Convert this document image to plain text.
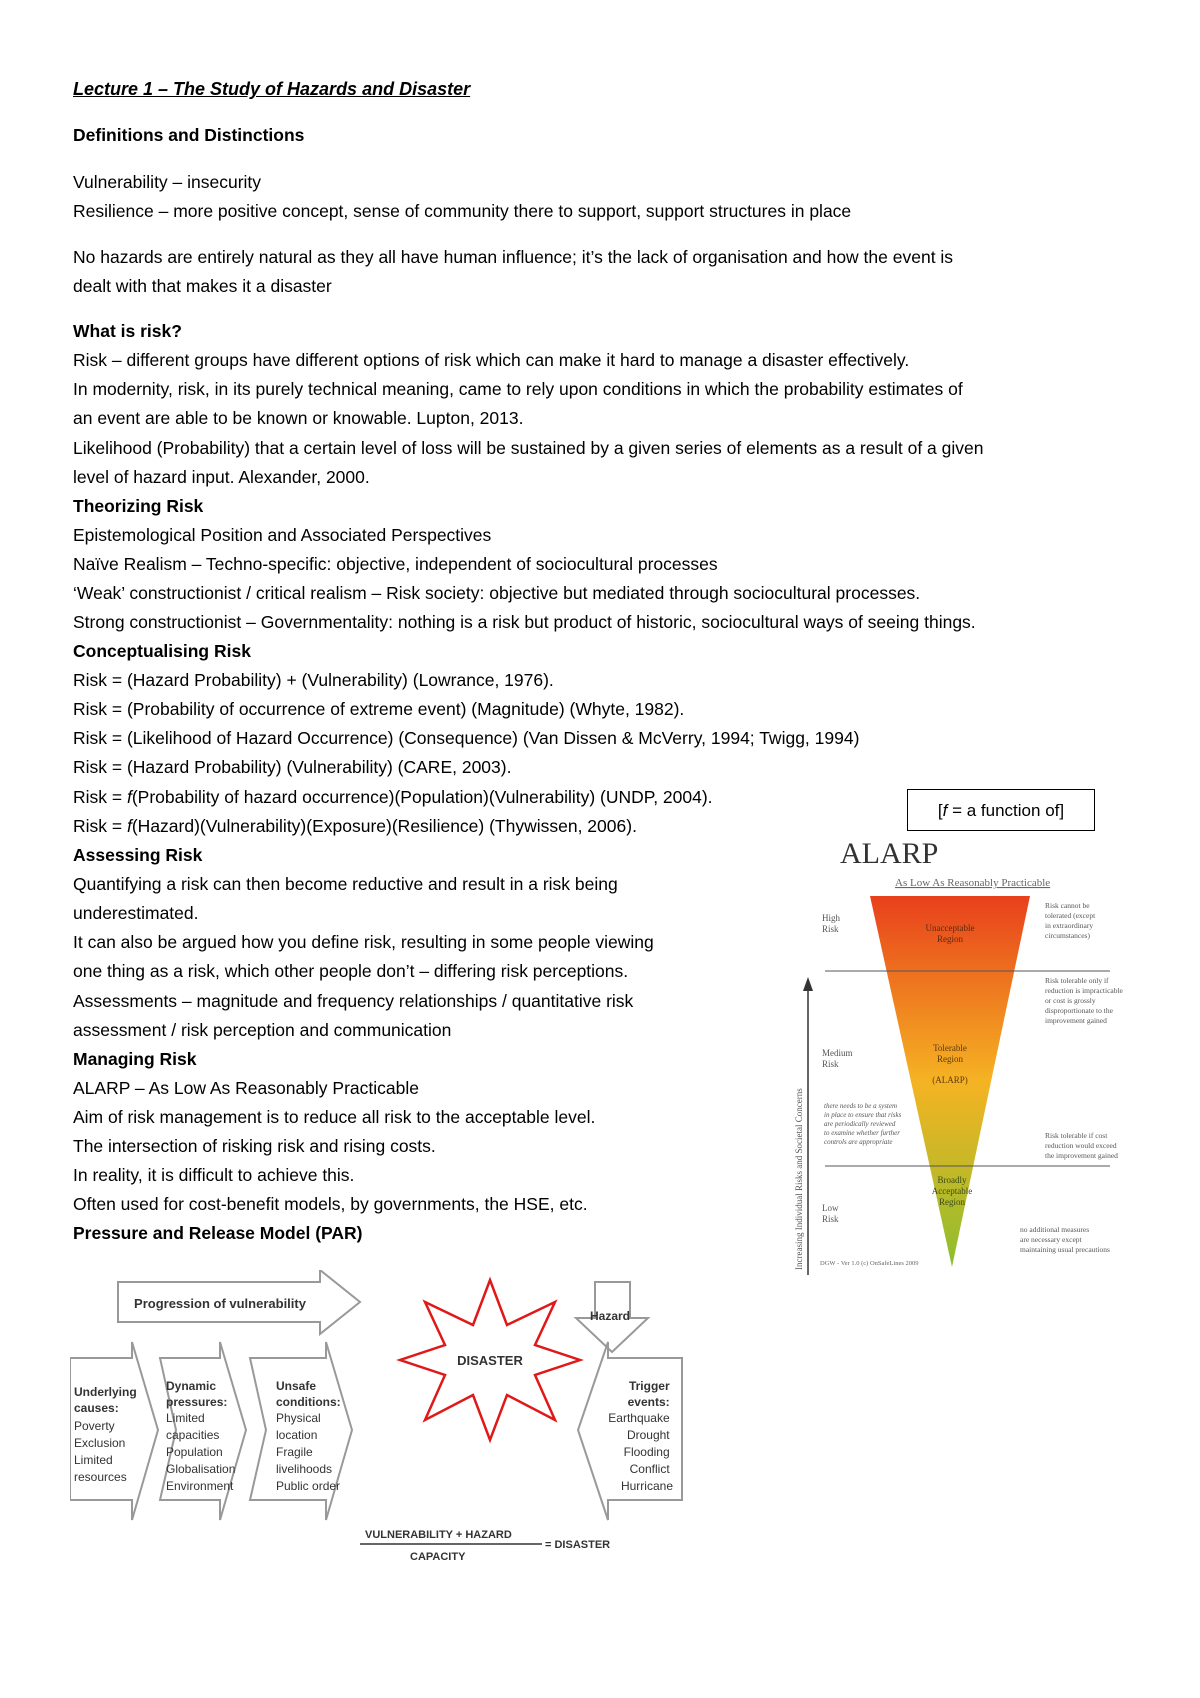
Lecture 1 – The Study of Hazards and Disaster
Definitions and Distinctions
Vulnerability – insecurity
Resilience – more positive concept, sense of community there to support, support structures in place
No hazards are entirely natural as they all have human influence; it’s the lack of organisation and how the event is
dealt with that makes it a disaster
What is risk?
Risk – different groups have different options of risk which can make it hard to manage a disaster effectively.
In modernity, risk, in its purely technical meaning, came to rely upon conditions in which the probability estimates of
an event are able to be known or knowable. Lupton, 2013.
Likelihood (Probability) that a certain level of loss will be sustained by a given series of elements as a result of a given
level of hazard input. Alexander, 2000.
Theorizing Risk
Epistemological Position and Associated Perspectives
Naïve Realism – Techno-specific: objective, independent of sociocultural processes
‘Weak’ constructionist / critical realism – Risk society: objective but mediated through sociocultural processes.
Strong constructionist – Governmentality: nothing is a risk but product of historic, sociocultural ways of seeing things.
Conceptualising Risk
Risk = (Hazard Probability) + (Vulnerability) (Lowrance, 1976).
Risk = (Probability of occurrence of extreme event) (Magnitude) (Whyte, 1982).
Risk = (Likelihood of Hazard Occurrence) (Consequence) (Van Dissen & McVerry, 1994; Twigg, 1994)
Risk = (Hazard Probability) (Vulnerability) (CARE, 2003).
Risk = f(Probability of hazard occurrence)(Population)(Vulnerability) (UNDP, 2004).
Risk = f(Hazard)(Vulnerability)(Exposure)(Resilience) (Thywissen, 2006).
[f = a function of]
Assessing Risk
Quantifying a risk can then become reductive and result in a risk being
underestimated.
It can also be argued how you define risk, resulting in some people viewing
one thing as a risk, which other people don’t – differing risk perceptions.
Assessments – magnitude and frequency relationships / quantitative risk
assessment / risk perception and communication
Managing Risk
ALARP – As Low As Reasonably Practicable
Aim of risk management is to reduce all risk to the acceptable level.
The intersection of risking risk and rising costs.
In reality, it is difficult to achieve this.
Often used for cost-benefit models, by governments, the HSE, etc.
Pressure and Release Model (PAR)
ALARP
As Low As Reasonably Practicable
Increasing Individual Risks and Societal Concerns
High Risk
Medium Risk
Low Risk
Unacceptable Region
Tolerable Region (ALARP)
Broadly Acceptable Region
there needs to be a system in place to ensure that risks are periodically reviewed to examine whether further controls are appropriate
Risk cannot be tolerated (except in extraordinary circumstances)
Risk tolerable only if reduction is impracticable or cost is grossly disproportionate to the improvement gained
Risk tolerable if cost reduction would exceed the improvement gained
no additional measures are necessary except maintaining usual precautions
DGW - Ver 1.0 (c) OnSafeLines 2009
Progression of vulnerability
Hazard
DISASTER
Underlying causes: Poverty Exclusion Limited resources
Dynamic pressures: Limited capacities Population Globalisation Environment
Unsafe conditions: Physical location Fragile livelihoods Public order
Trigger events: Earthquake Drought Flooding Conflict Hurricane
VULNERABILITY + HAZARD
CAPACITY
= DISASTER
